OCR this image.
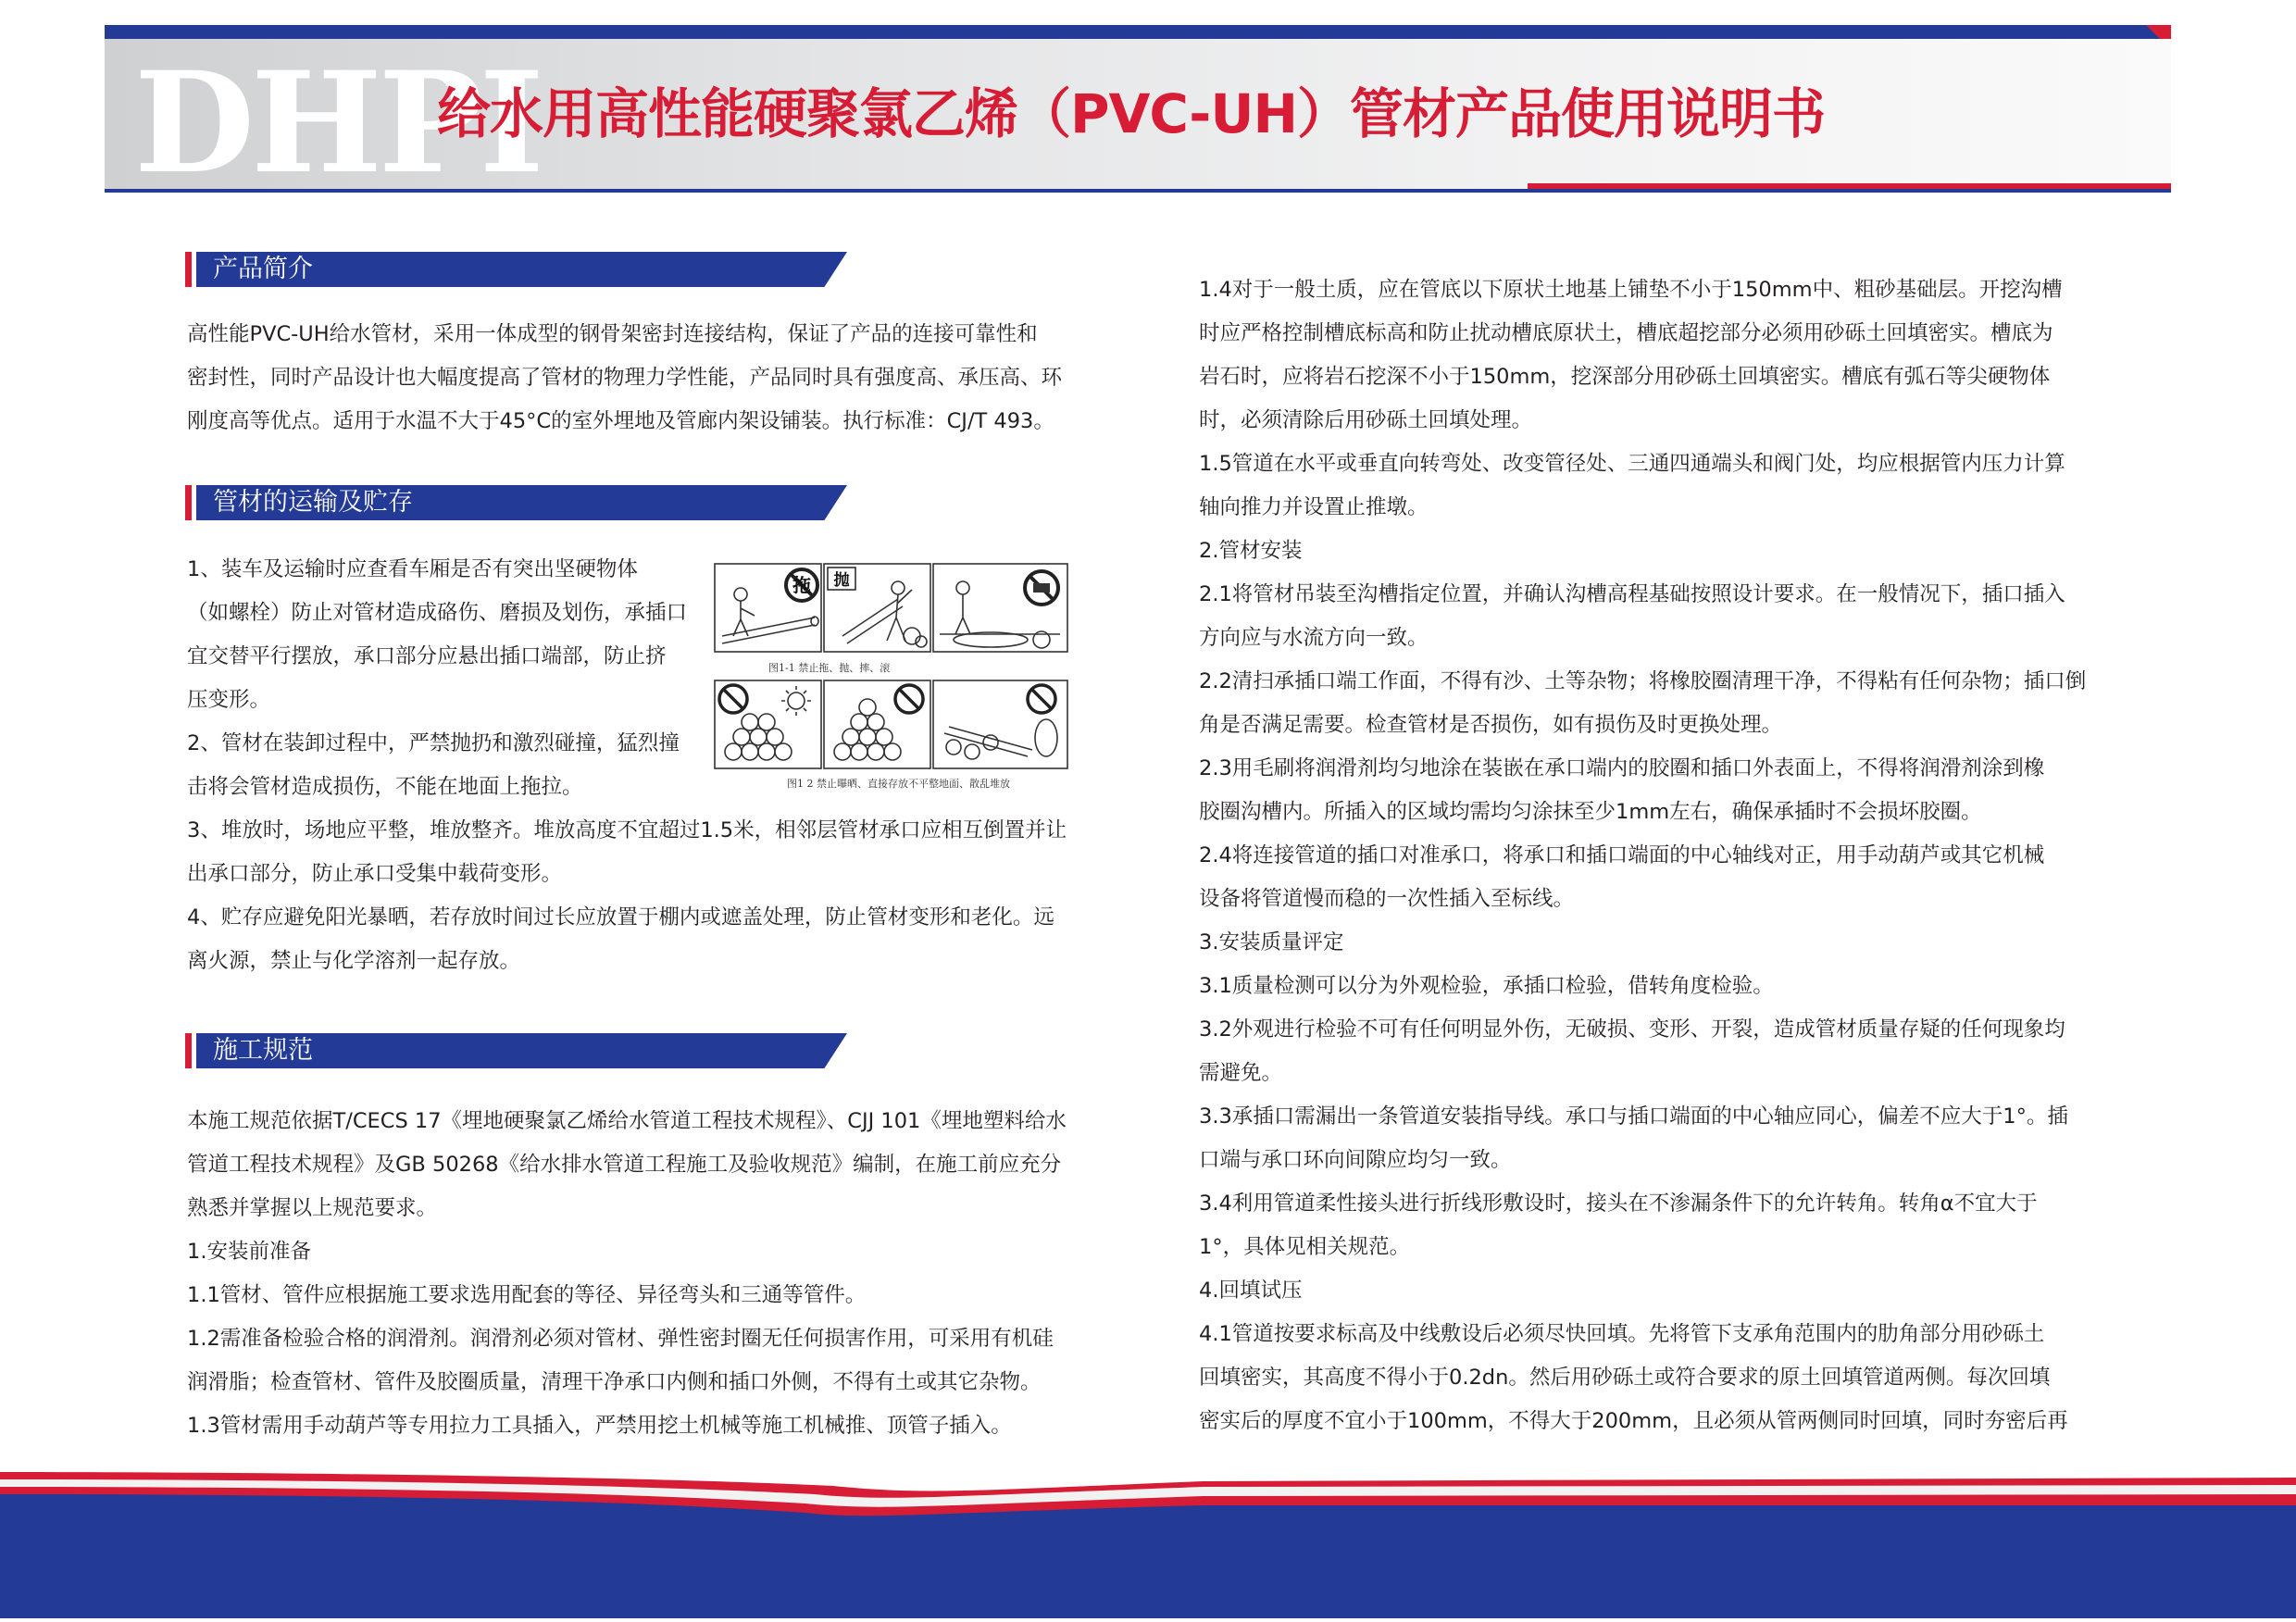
DHPI
给水用高性能硬聚氯乙烯（PVC-UH）管材产品使用说明书
产品简介

高性能PVC-UH给水管材，采用一体成型的钢骨架密封连接结构，保证了产品的连接可靠性和

密封性，同时产品设计也大幅度提高了管材的物理力学性能，产品同时具有强度高、承压高、环

刚度高等优点。适用于水温不大于45°C的室外埋地及管廊内架设铺装。执行标准：CJ/T 493。

管材的运输及贮存

1、装车及运输时应查看车厢是否有突出坚硬物体

（如螺栓）防止对管材造成硌伤、磨损及划伤，承插口

宜交替平行摆放，承口部分应悬出插口端部，防止挤

压变形。

2、管材在装卸过程中，严禁抛扔和激烈碰撞，猛烈撞

击将会管材造成损伤，不能在地面上拖拉。

拖 抛
图1-1 禁止拖、抛、摔、滚
图1 2 禁止曝晒、直接存放不平整地面、散乱堆放

3、堆放时，场地应平整，堆放整齐。堆放高度不宜超过1.5米，相邻层管材承口应相互倒置并让

出承口部分，防止承口受集中载荷变形。

4、贮存应避免阳光暴晒，若存放时间过长应放置于棚内或遮盖处理，防止管材变形和老化。远

离火源，禁止与化学溶剂一起存放。

施工规范

本施工规范依据T/CECS 17《埋地硬聚氯乙烯给水管道工程技术规程》、CJJ 101《埋地塑料给水

管道工程技术规程》及GB 50268《给水排水管道工程施工及验收规范》编制，在施工前应充分

熟悉并掌握以上规范要求。

1.安装前准备

1.1管材、管件应根据施工要求选用配套的等径、异径弯头和三通等管件。

1.2需准备检验合格的润滑剂。润滑剂必须对管材、弹性密封圈无任何损害作用，可采用有机硅

润滑脂；检查管材、管件及胶圈质量，清理干净承口内侧和插口外侧，不得有土或其它杂物。

1.3管材需用手动葫芦等专用拉力工具插入，严禁用挖土机械等施工机械推、顶管子插入。

1.4对于一般土质，应在管底以下原状土地基上铺垫不小于150mm中、粗砂基础层。开挖沟槽

时应严格控制槽底标高和防止扰动槽底原状土，槽底超挖部分必须用砂砾土回填密实。槽底为

岩石时，应将岩石挖深不小于150mm，挖深部分用砂砾土回填密实。槽底有弧石等尖硬物体

时，必须清除后用砂砾土回填处理。

1.5管道在水平或垂直向转弯处、改变管径处、三通四通端头和阀门处，均应根据管内压力计算

轴向推力并设置止推墩。

2.管材安装

2.1将管材吊装至沟槽指定位置，并确认沟槽高程基础按照设计要求。在一般情况下，插口插入

方向应与水流方向一致。

2.2清扫承插口端工作面，不得有沙、土等杂物；将橡胶圈清理干净，不得粘有任何杂物；插口倒

角是否满足需要。检查管材是否损伤，如有损伤及时更换处理。

2.3用毛刷将润滑剂均匀地涂在装嵌在承口端内的胶圈和插口外表面上，不得将润滑剂涂到橡

胶圈沟槽内。所插入的区域均需均匀涂抹至少1mm左右，确保承插时不会损坏胶圈。

2.4将连接管道的插口对准承口，将承口和插口端面的中心轴线对正，用手动葫芦或其它机械

设备将管道慢而稳的一次性插入至标线。

3.安装质量评定

3.1质量检测可以分为外观检验，承插口检验，借转角度检验。

3.2外观进行检验不可有任何明显外伤，无破损、变形、开裂，造成管材质量存疑的任何现象均

需避免。

3.3承插口需漏出一条管道安装指导线。承口与插口端面的中心轴应同心，偏差不应大于1°。插

口端与承口环向间隙应均匀一致。

3.4利用管道柔性接头进行折线形敷设时，接头在不渗漏条件下的允许转角。转角α不宜大于

1°，具体见相关规范。

4.回填试压

4.1管道按要求标高及中线敷设后必须尽快回填。先将管下支承角范围内的肋角部分用砂砾土

回填密实，其高度不得小于0.2dn。然后用砂砾土或符合要求的原土回填管道两侧。每次回填

密实后的厚度不宜小于100mm，不得大于200mm，且必须从管两侧同时回填，同时夯密后再
